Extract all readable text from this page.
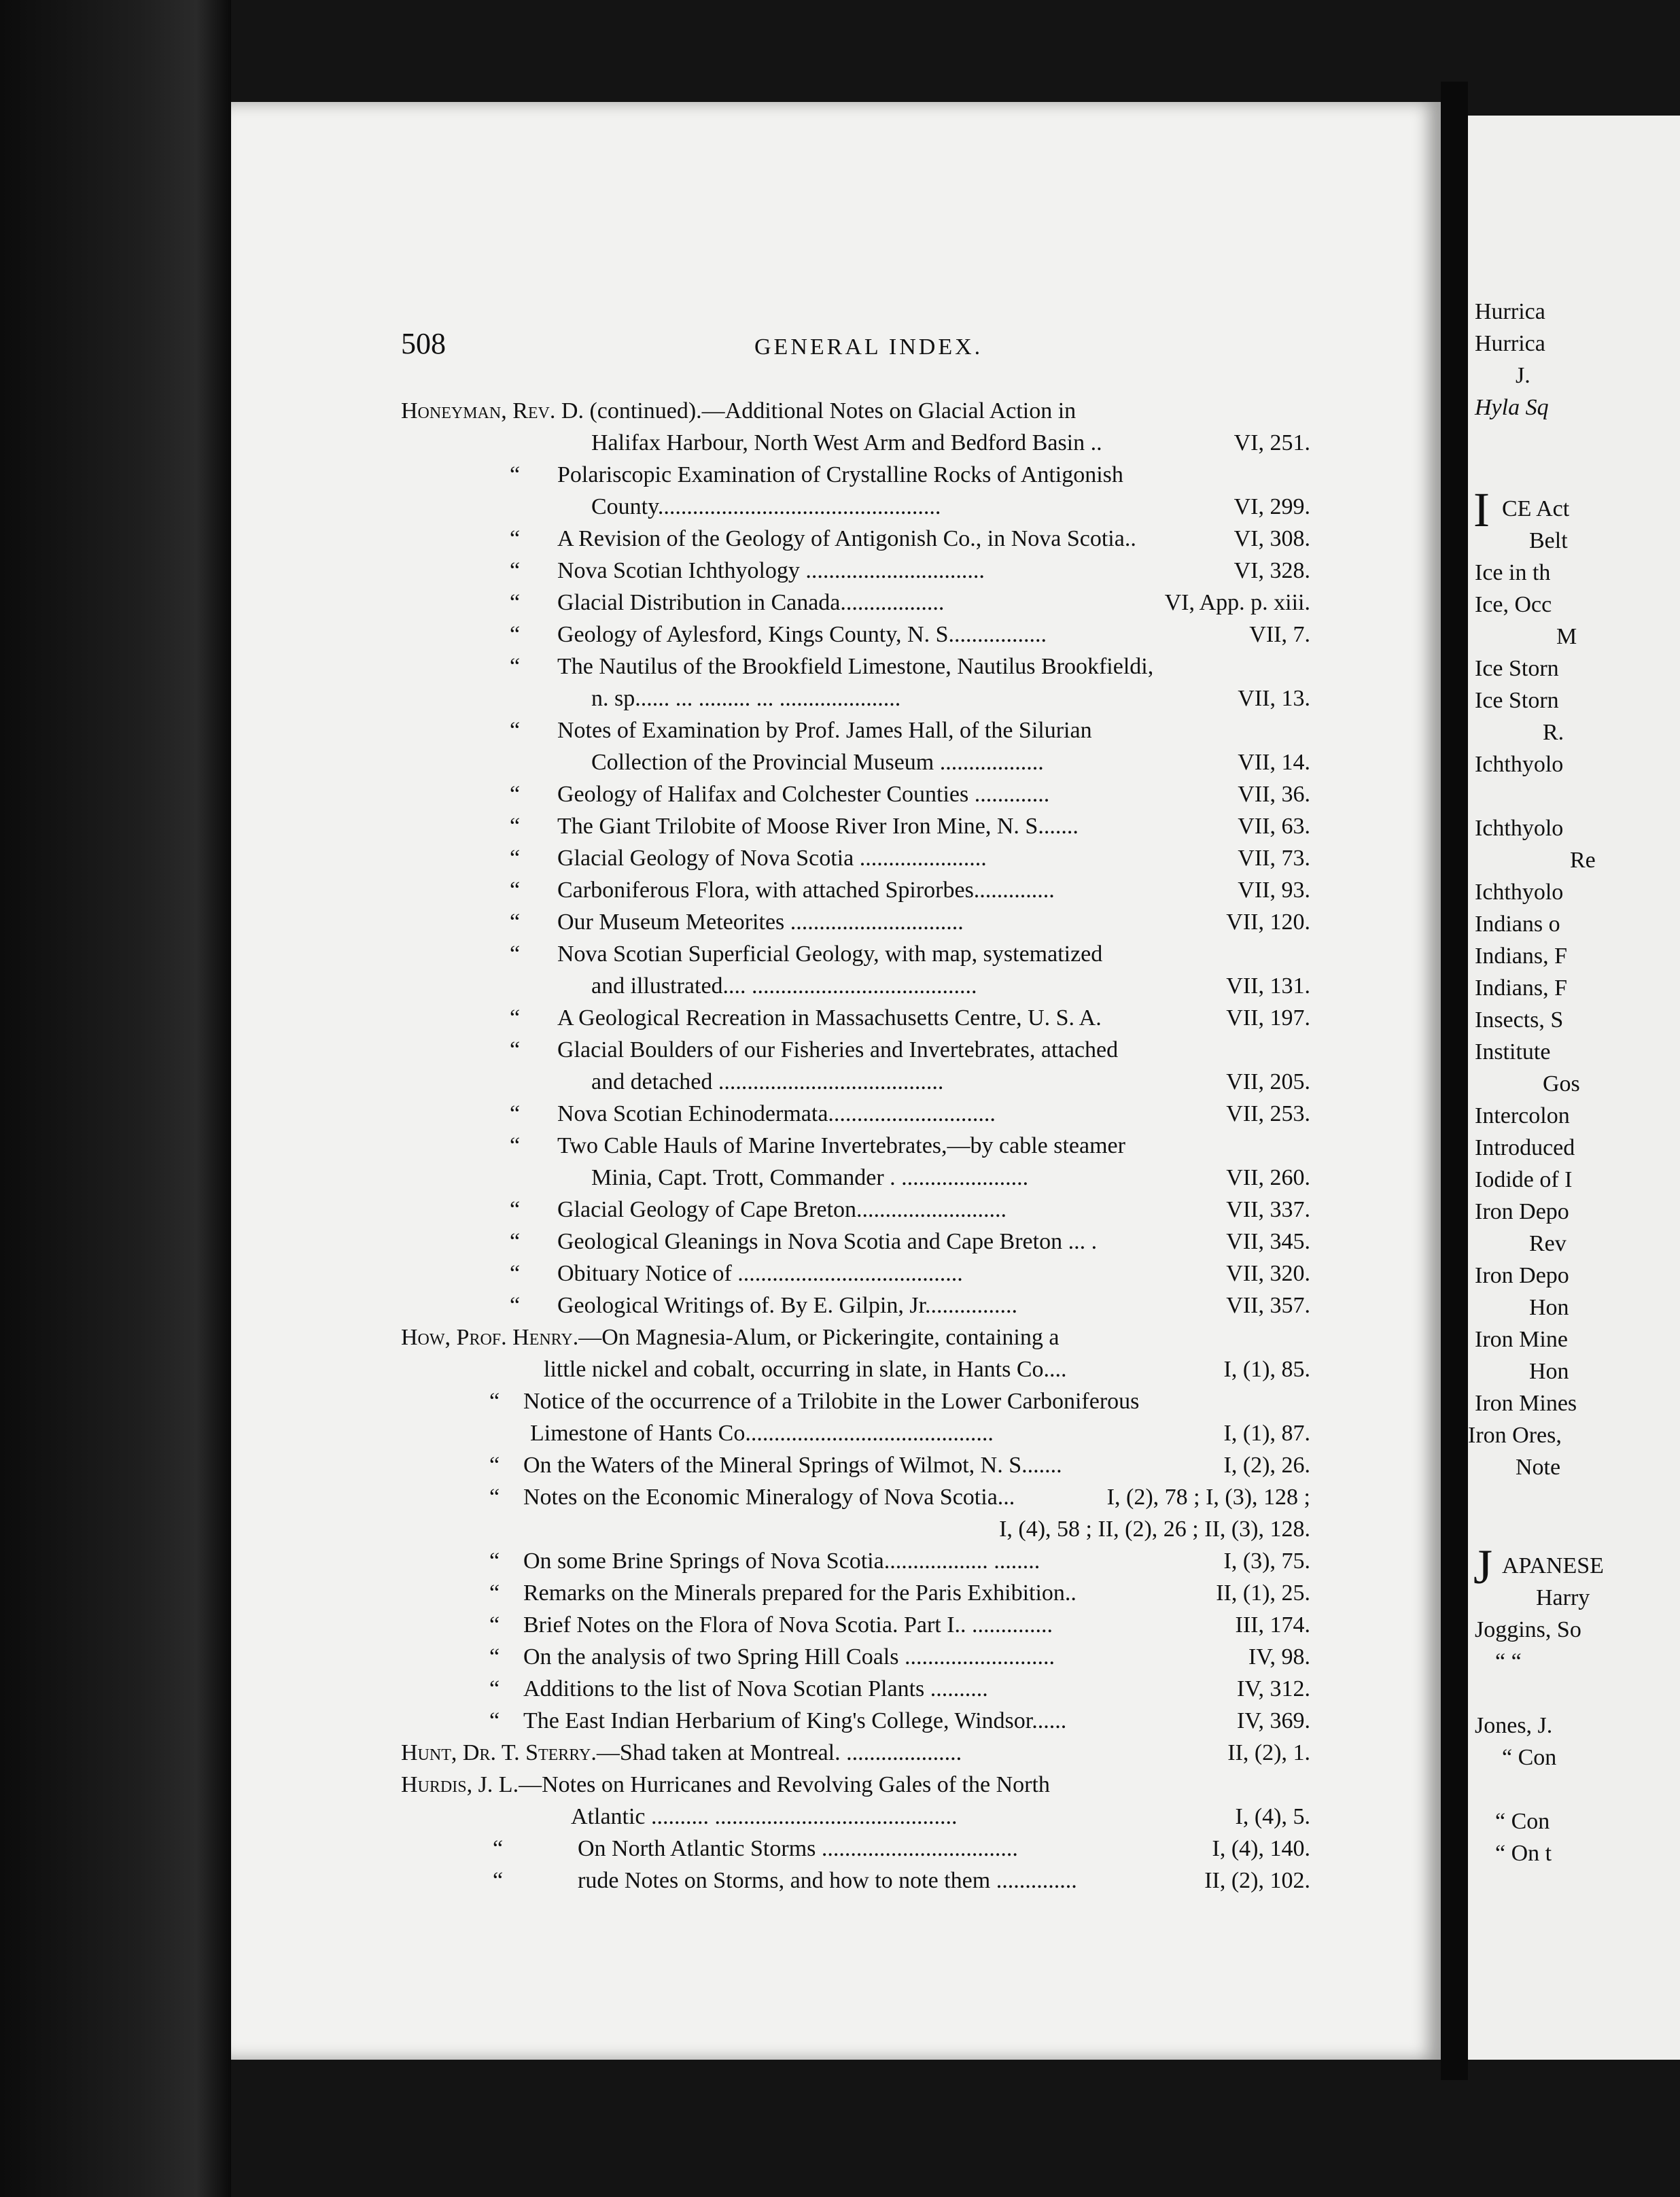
508	GENERAL INDEX.
Honeyman, Rev. D. (continued).—Additional Notes on Glacial Action in
Halifax Harbour, North West Arm and Bedford Basin ..	VI, 251.
“ Polariscopic Examination of Crystalline Rocks of Antigonish
County.................................................	VI, 299.
“ A Revision of the Geology of Antigonish Co., in Nova Scotia..	VI, 308.
“ Nova Scotian Ichthyology ...............................	VI, 328.
“ Glacial Distribution in Canada..................	VI, App. p. xiii.
“ Geology of Aylesford, Kings County, N. S.................	VII, 7.
“ The Nautilus of the Brookfield Limestone, Nautilus Brookfieldi,
n. sp...... ... ......... ... .....................	VII, 13.
“ Notes of Examination by Prof. James Hall, of the Silurian
Collection of the Provincial Museum ..................	VII, 14.
“ Geology of Halifax and Colchester Counties .............	VII, 36.
“ The Giant Trilobite of Moose River Iron Mine, N. S.......	VII, 63.
“ Glacial Geology of Nova Scotia ......................	VII, 73.
“ Carboniferous Flora, with attached Spirorbes..............	VII, 93.
“ Our Museum Meteorites ..............................	VII, 120.
“ Nova Scotian Superficial Geology, with map, systematized
and illustrated.... .......................................	VII, 131.
“ A Geological Recreation in Massachusetts Centre, U. S. A.	VII, 197.
“ Glacial Boulders of our Fisheries and Invertebrates, attached
and detached .......................................	VII, 205.
“ Nova Scotian Echinodermata.............................	VII, 253.
“ Two Cable Hauls of Marine Invertebrates,—by cable steamer
Minia, Capt. Trott, Commander . ......................	VII, 260.
“ Glacial Geology of Cape Breton..........................	VII, 337.
“ Geological Gleanings in Nova Scotia and Cape Breton ... .	VII, 345.
“ Obituary Notice of .......................................	VII, 320.
“ Geological Writings of. By E. Gilpin, Jr................	VII, 357.
How, Prof. Henry.—On Magnesia-Alum, or Pickeringite, containing a
little nickel and cobalt, occurring in slate, in Hants Co....	I, (1), 85.
“ Notice of the occurrence of a Trilobite in the Lower Carboniferous
Limestone of Hants Co...........................................	I, (1), 87.
“ On the Waters of the Mineral Springs of Wilmot, N. S.......	I, (2), 26.
“ Notes on the Economic Mineralogy of Nova Scotia...	I, (2), 78 ; I, (3), 128 ;
I, (4), 58 ; II, (2), 26 ; II, (3), 128.
“ On some Brine Springs of Nova Scotia.................. ........	I, (3), 75.
“ Remarks on the Minerals prepared for the Paris Exhibition..	II, (1), 25.
“ Brief Notes on the Flora of Nova Scotia. Part I.. ..............	III, 174.
“ On the analysis of two Spring Hill Coals ..........................	IV, 98.
“ Additions to the list of Nova Scotian Plants ..........	IV, 312.
“ The East Indian Herbarium of King's College, Windsor......	IV, 369.
Hunt, Dr. T. Sterry.—Shad taken at Montreal. ....................	II, (2), 1.
Hurdis, J. L.—Notes on Hurricanes and Revolving Gales of the North
Atlantic .......... ..........................................	I, (4), 5.
“	On North Atlantic Storms ..................................	I, (4), 140.
“	rude Notes on Storms, and how to note them ..............	II, (2), 102.
Hurrica
Hurrica
J.
Hyla Sq
CE Act
Belt
Ice in th
Ice, Occ
M
Ice Storn
Ice Storn
R.
Ichthyolo
Ichthyolo
Re
Ichthyolo
Indians o
Indians, F
Indians, F
Insects, S
Institute
Gos
Intercolon
Introduced
Iodide of I
Iron Depo
Rev
Iron Depo
Hon
Iron Mine
Hon
Iron Mines
Iron Ores,
Note
APANESE
Harry
Joggins, So
“ “
Jones, J.
“ Con
“ Con
“ On t
I
J
